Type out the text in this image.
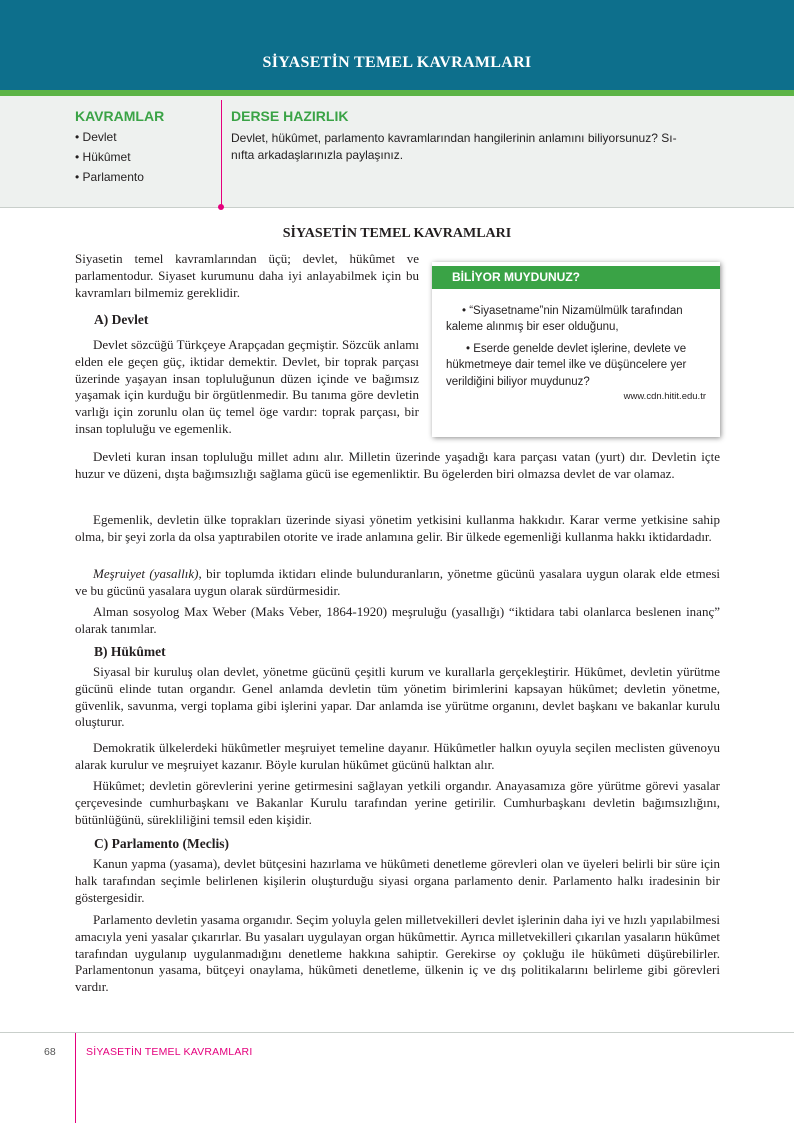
SİYASETİN TEMEL KAVRAMLARI
KAVRAMLAR
• Devlet
• Hükûmet
• Parlamento
DERSE HAZIRLIK
Devlet, hükûmet, parlamento kavramlarından hangilerinin anlamını biliyorsunuz? Sı-
nıfta arkadaşlarınızla paylaşınız.
SİYASETİN TEMEL KAVRAMLARI

Siyasetin temel kavramlarından üçü; devlet, hükûmet ve parlamentodur. Siyaset kurumunu daha iyi anlayabilmek için bu kavramları bilmemiz gereklidir.

A) Devlet

Devlet sözcüğü Türkçeye Arapçadan geçmiştir. Sözcük anlamı elden ele geçen güç, iktidar demektir. Devlet, bir toprak parçası üzerinde yaşayan insan topluluğunun düzen içinde ve bağımsız yaşamak için kurduğu bir örgütlenmedir. Bu tanıma göre devletin varlığı için zorunlu olan üç temel öge vardır: toprak parçası, bir insan topluluğu ve egemenlik.

BİLİYOR MUYDUNUZ?
• “Siyasetname”nin Nizamülmülk tarafından kaleme alınmış bir eser olduğunu,
• Eserde genelde devlet işlerine, devlete ve hükmetmeye dair temel ilke ve düşüncelere yer verildiğini biliyor muydunuz?
www.cdn.hitit.edu.tr

Devleti kuran insan topluluğu millet adını alır. Milletin üzerinde yaşadığı kara parçası vatan (yurt) dır. Devletin içte huzur ve düzeni, dışta bağımsızlığı sağlama gücü ise egemenliktir. Bu ögelerden biri olmazsa devlet de var olamaz.

Egemenlik, devletin ülke toprakları üzerinde siyasi yönetim yetkisini kullanma hakkıdır. Karar verme yetkisine sahip olma, bir şeyi zorla da olsa yaptırabilen otorite ve irade anlamına gelir. Bir ülkede egemenliği kullanma hakkı iktidardadır.

Meşruiyet (yasallık), bir toplumda iktidarı elinde bulunduranların, yönetme gücünü yasalara uygun olarak elde etmesi ve bu gücünü yasalara uygun olarak sürdürmesidir.

Alman sosyolog Max Weber (Maks Veber, 1864-1920) meşruluğu (yasallığı) “iktidara tabi olanlarca beslenen inanç” olarak tanımlar.

B) Hükûmet

Siyasal bir kuruluş olan devlet, yönetme gücünü çeşitli kurum ve kurallarla gerçekleştirir. Hükûmet, devletin yürütme gücünü elinde tutan organdır. Genel anlamda devletin tüm yönetim birimlerini kapsayan hükûmet; devletin yönetme, güvenlik, savunma, vergi toplama gibi işlerini yapar. Dar anlamda ise yürütme organını, devlet başkanı ve bakanlar kurulu oluşturur.

Demokratik ülkelerdeki hükûmetler meşruiyet temeline dayanır. Hükûmetler halkın oyuyla seçilen meclisten güvenoyu alarak kurulur ve meşruiyet kazanır. Böyle kurulan hükûmet gücünü halktan alır.

Hükûmet; devletin görevlerini yerine getirmesini sağlayan yetkili organdır. Anayasamıza göre yürütme görevi yasalar çerçevesinde cumhurbaşkanı ve Bakanlar Kurulu tarafından yerine getirilir. Cumhurbaşkanı devletin bağımsızlığını, bütünlüğünü, sürekliliğini temsil eden kişidir.

C) Parlamento (Meclis)

Kanun yapma (yasama), devlet bütçesini hazırlama ve hükûmeti denetleme görevleri olan ve üyeleri belirli bir süre için halk tarafından seçimle belirlenen kişilerin oluşturduğu siyasi organa parlamento denir. Parlamento halkı iradesinin bir göstergesidir.

Parlamento devletin yasama organıdır. Seçim yoluyla gelen milletvekilleri devlet işlerinin daha iyi ve hızlı yapılabilmesi amacıyla yeni yasalar çıkarırlar. Bu yasaları uygulayan organ hükûmettir. Ayrıca milletvekilleri çıkarılan yasaların hükûmet tarafından uygulanıp uygulanmadığını denetleme hakkına sahiptir. Gerekirse oy çokluğu ile hükûmeti düşürebilirler. Parlamentonun yasama, bütçeyi onaylama, hükûmeti denetleme, ülkenin iç ve dış politikalarını belirleme gibi görevleri vardır.

68	SİYASETİN TEMEL KAVRAMLARI
